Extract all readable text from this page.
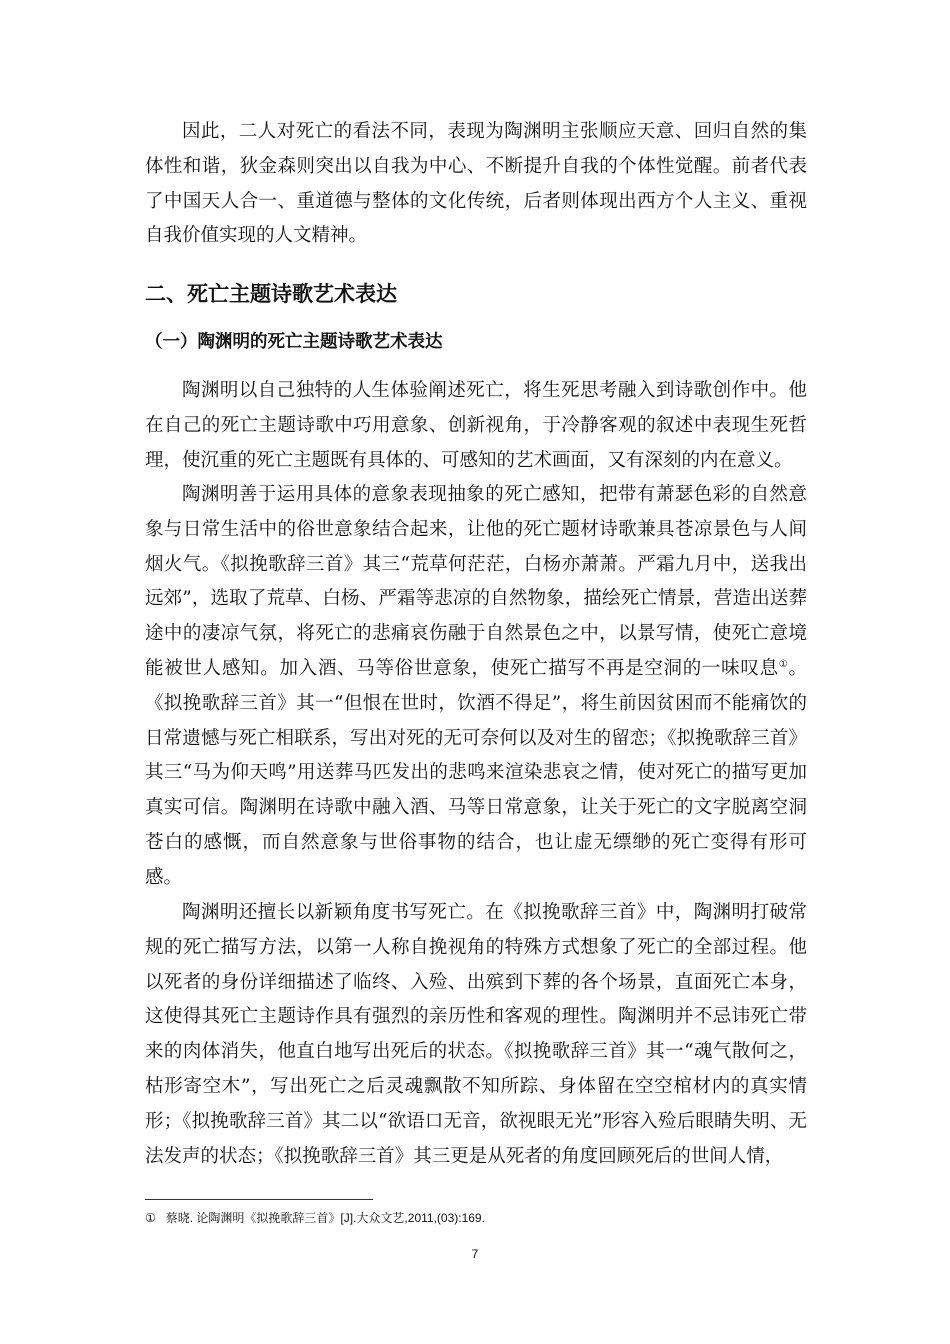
因此，二人对死亡的看法不同，表现为陶渊明主张顺应天意、回归自然的集体性和谐，狄金森则突出以自我为中心、不断提升自我的个体性觉醒。前者代表了中国天人合一、重道德与整体的文化传统，后者则体现出西方个人主义、重视自我价值实现的人文精神。

二、死亡主题诗歌艺术表达
（一）陶渊明的死亡主题诗歌艺术表达

陶渊明以自己独特的人生体验阐述死亡，将生死思考融入到诗歌创作中。他在自己的死亡主题诗歌中巧用意象、创新视角，于冷静客观的叙述中表现生死哲理，使沉重的死亡主题既有具体的、可感知的艺术画面，又有深刻的内在意义。

陶渊明善于运用具体的意象表现抽象的死亡感知，把带有萧瑟色彩的自然意象与日常生活中的俗世意象结合起来，让他的死亡题材诗歌兼具苍凉景色与人间烟火气。《拟挽歌辞三首》其三“荒草何茫茫，白杨亦萧萧。严霜九月中，送我出远郊”，选取了荒草、白杨、严霜等悲凉的自然物象，描绘死亡情景，营造出送葬途中的凄凉气氛，将死亡的悲痛哀伤融于自然景色之中，以景写情，使死亡意境能被世人感知。加入酒、马等俗世意象，使死亡描写不再是空洞的一味叹息①。《拟挽歌辞三首》其一“但恨在世时，饮酒不得足”，将生前因贫困而不能痛饮的日常遗憾与死亡相联系，写出对死的无可奈何以及对生的留恋；《拟挽歌辞三首》其三“马为仰天鸣”用送葬马匹发出的悲鸣来渲染悲哀之情，使对死亡的描写更加真实可信。陶渊明在诗歌中融入酒、马等日常意象，让关于死亡的文字脱离空洞苍白的感慨，而自然意象与世俗事物的结合，也让虚无缥缈的死亡变得有形可感。

陶渊明还擅长以新颖角度书写死亡。在《拟挽歌辞三首》中，陶渊明打破常规的死亡描写方法，以第一人称自挽视角的特殊方式想象了死亡的全部过程。他以死者的身份详细描述了临终、入殓、出殡到下葬的各个场景，直面死亡本身，这使得其死亡主题诗作具有强烈的亲历性和客观的理性。陶渊明并不忌讳死亡带来的肉体消失，他直白地写出死后的状态。《拟挽歌辞三首》其一“魂气散何之，枯形寄空木”，写出死亡之后灵魂飘散不知所踪、身体留在空空棺材内的真实情形；《拟挽歌辞三首》其二以“欲语口无音，欲视眼无光”形容入殓后眼睛失明、无法发声的状态；《拟挽歌辞三首》其三更是从死者的角度回顾死后的世间人情，

① 蔡晓. 论陶渊明《拟挽歌辞三首》[J].大众文艺,2011,(03):169.

7
